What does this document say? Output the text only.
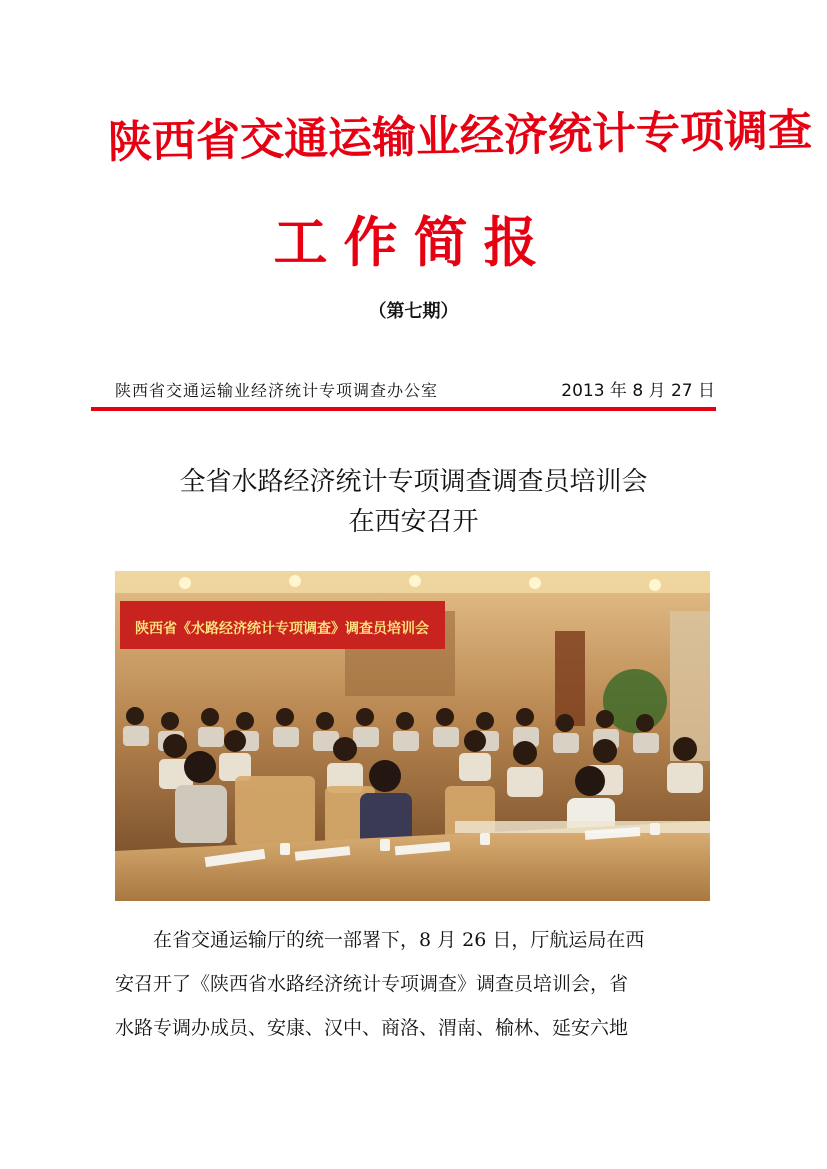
陕西省交通运输业经济统计专项调查
工作简报
（第七期）
陕西省交通运输业经济统计专项调查办公室	2013 年 8 月 27 日
全省水路经济统计专项调查调查员培训会
在西安召开
陕西省《水路经济统计专项调查》调查员培训会
　　在省交通运输厅的统一部署下，8 月 26 日，厅航运局在西
安召开了《陕西省水路经济统计专项调查》调查员培训会，省
水路专调办成员、安康、汉中、商洛、渭南、榆林、延安六地
